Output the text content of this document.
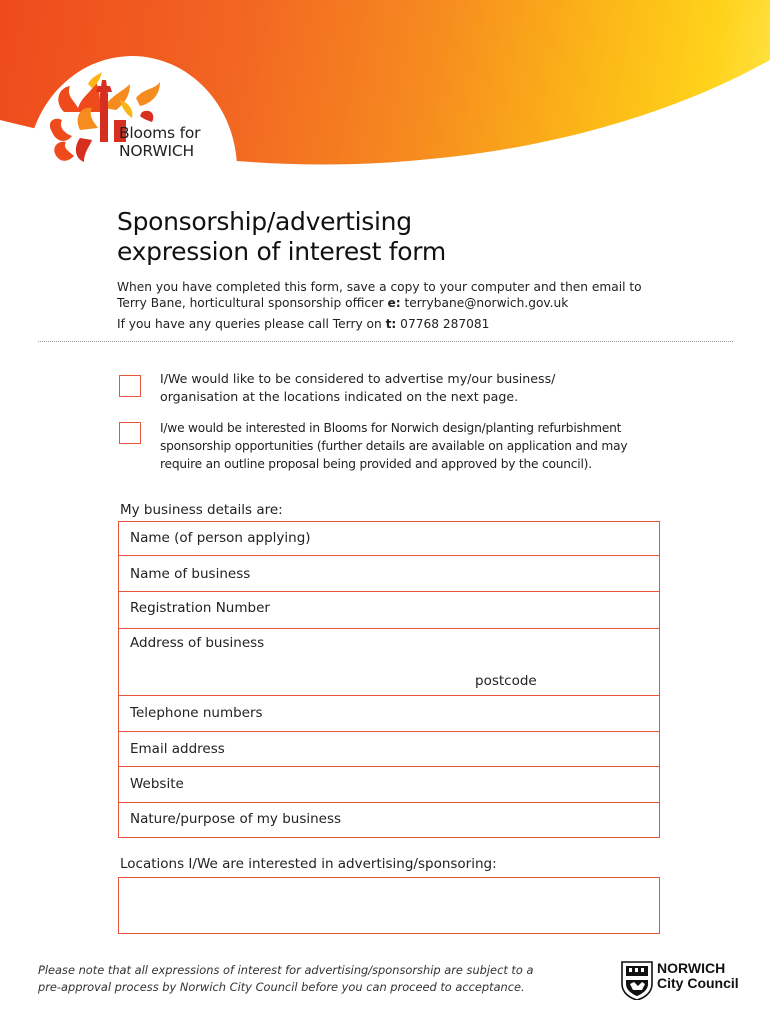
Blooms for
NORWICH
Sponsorship/advertising
expression of interest form
When you have completed this form, save a copy to your computer and then email to
Terry Bane, horticultural sponsorship officer e: terrybane@norwich.gov.uk
If you have any queries please call Terry on t: 07768 287081
I/We would like to be considered to advertise my/our business/
organisation at the locations indicated on the next page.
I/we would be interested in Blooms for Norwich design/planting refurbishment
sponsorship opportunities (further details are available on application and may
require an outline proposal being provided and approved by the council).
My business details are:
Name (of person applying)
Name of business
Registration Number
Address of business
postcode
Telephone numbers
Email address
Website
Nature/purpose of my business
Locations I/We are interested in advertising/sponsoring:
Please note that all expressions of interest for advertising/sponsorship are subject to a
pre-approval process by Norwich City Council before you can proceed to acceptance.
NORWICH
City Council
